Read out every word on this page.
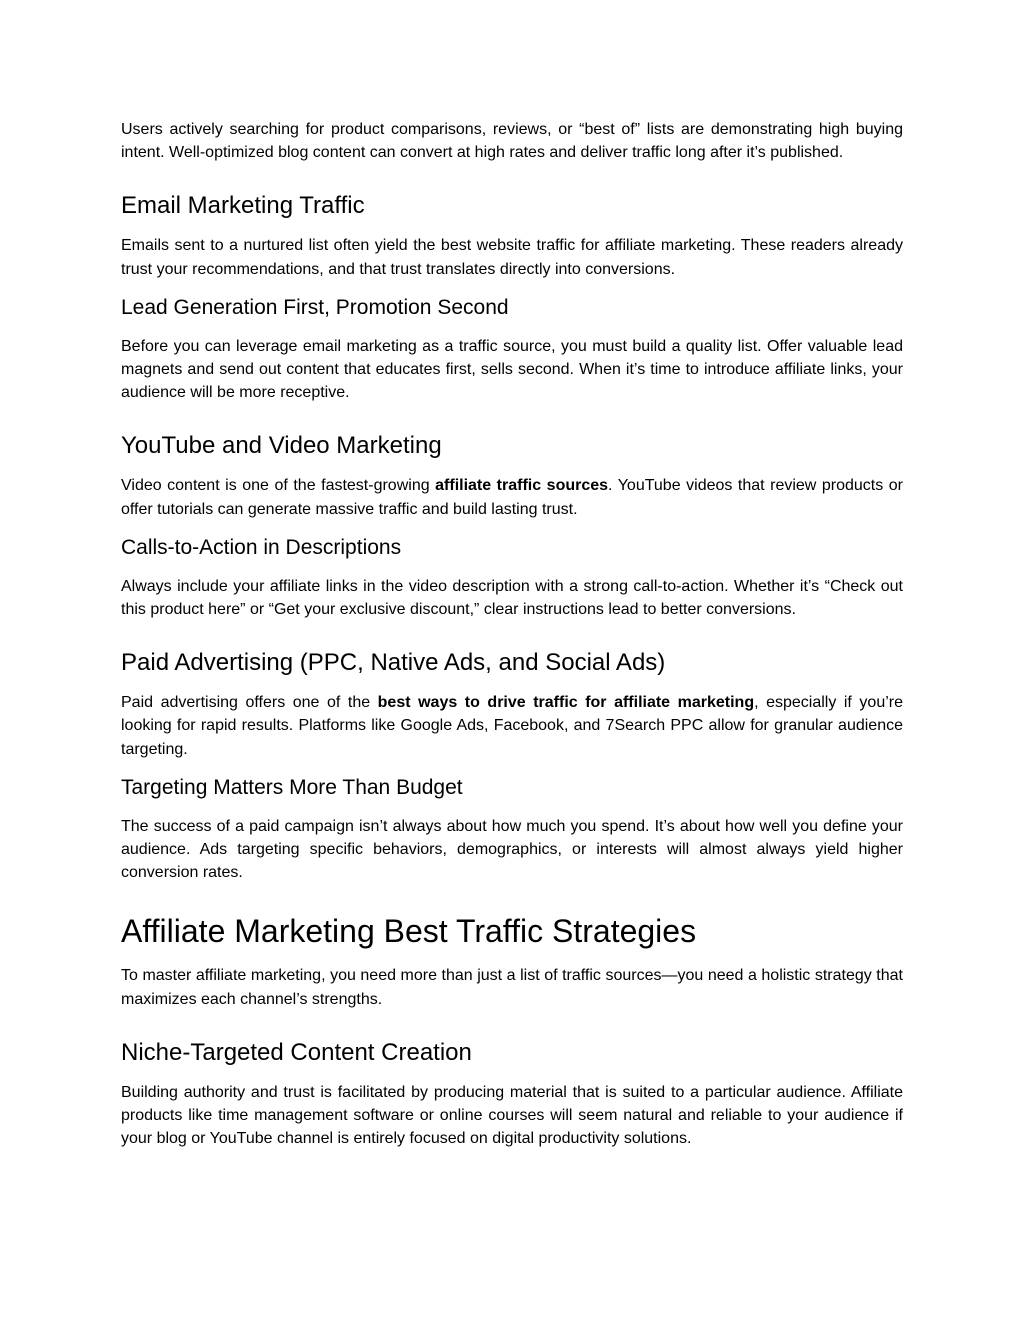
Users actively searching for product comparisons, reviews, or “best of” lists are demonstrating high buying intent. Well-optimized blog content can convert at high rates and deliver traffic long after it’s published.

Email Marketing Traffic

Emails sent to a nurtured list often yield the best website traffic for affiliate marketing. These readers already trust your recommendations, and that trust translates directly into conversions.

Lead Generation First, Promotion Second

Before you can leverage email marketing as a traffic source, you must build a quality list. Offer valuable lead magnets and send out content that educates first, sells second. When it’s time to introduce affiliate links, your audience will be more receptive.

YouTube and Video Marketing

Video content is one of the fastest-growing affiliate traffic sources. YouTube videos that review products or offer tutorials can generate massive traffic and build lasting trust.

Calls-to-Action in Descriptions

Always include your affiliate links in the video description with a strong call-to-action. Whether it’s “Check out this product here” or “Get your exclusive discount,” clear instructions lead to better conversions.

Paid Advertising (PPC, Native Ads, and Social Ads)

Paid advertising offers one of the best ways to drive traffic for affiliate marketing, especially if you’re looking for rapid results. Platforms like Google Ads, Facebook, and 7Search PPC allow for granular audience targeting.

Targeting Matters More Than Budget

The success of a paid campaign isn’t always about how much you spend. It’s about how well you define your audience. Ads targeting specific behaviors, demographics, or interests will almost always yield higher conversion rates.

Affiliate Marketing Best Traffic Strategies

To master affiliate marketing, you need more than just a list of traffic sources—you need a holistic strategy that maximizes each channel’s strengths.

Niche-Targeted Content Creation

Building authority and trust is facilitated by producing material that is suited to a particular audience. Affiliate products like time management software or online courses will seem natural and reliable to your audience if your blog or YouTube channel is entirely focused on digital productivity solutions.
